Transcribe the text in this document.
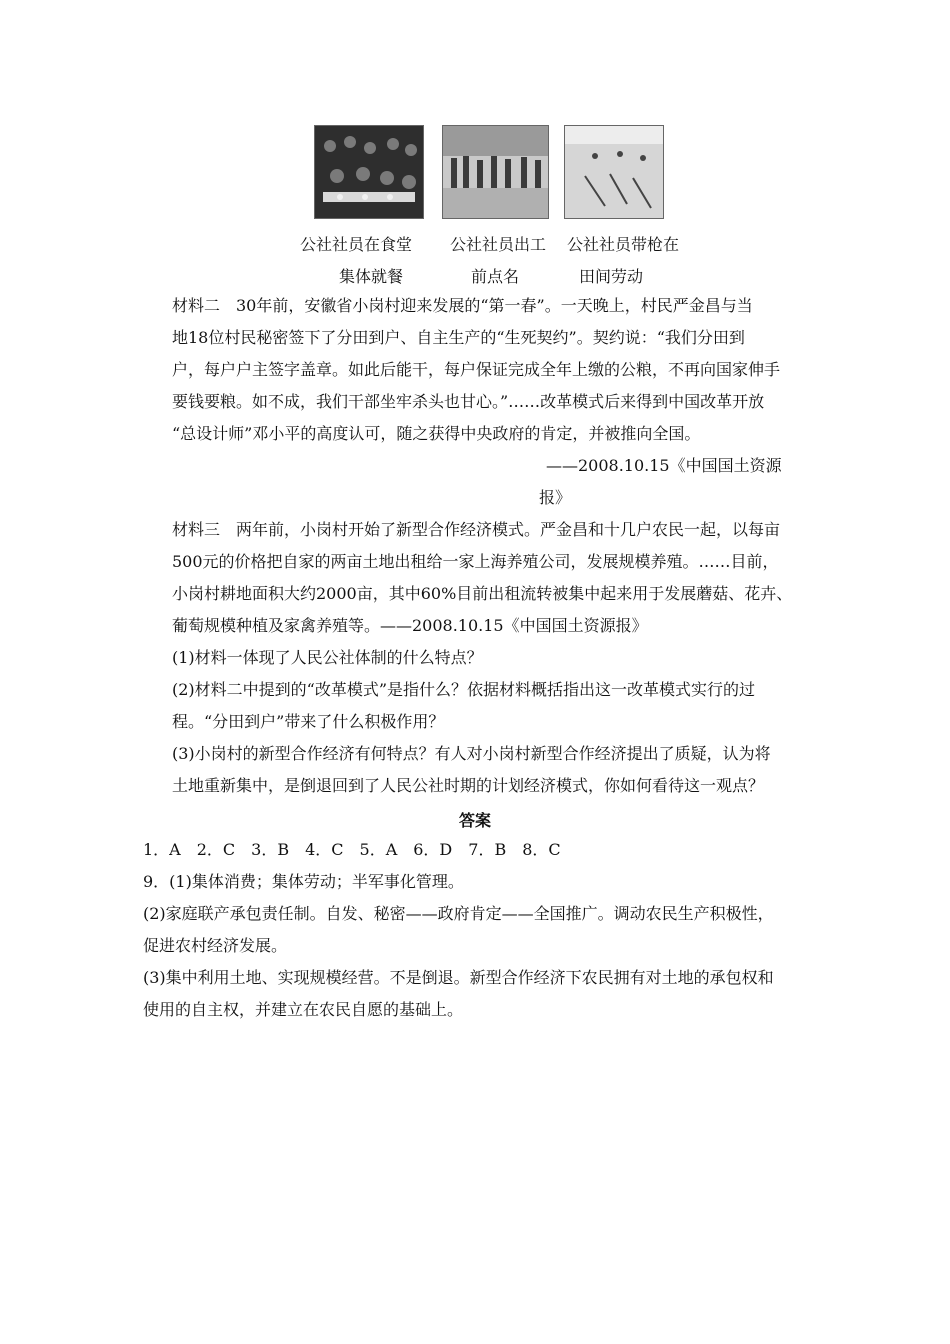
公社社员在食堂
集体就餐
公社社员出工
前点名
公社社员带枪在
田间劳动
材料二　30年前，安徽省小岗村迎来发展的“第一春”。一天晚上，村民严金昌与当
地18位村民秘密签下了分田到户、自主生产的“生死契约”。契约说：“我们分田到
户，每户户主签字盖章。如此后能干，每户保证完成全年上缴的公粮，不再向国家伸手
要钱要粮。如不成，我们干部坐牢杀头也甘心。”……改革模式后来得到中国改革开放
“总设计师”邓小平的高度认可，随之获得中央政府的肯定，并被推向全国。
——2008.10.15《中国国土资源
报》
材料三　两年前，小岗村开始了新型合作经济模式。严金昌和十几户农民一起，以每亩
500元的价格把自家的两亩土地出租给一家上海养殖公司，发展规模养殖。……目前，
小岗村耕地面积大约2000亩，其中60%目前出租流转被集中起来用于发展蘑菇、花卉、
葡萄规模种植及家禽养殖等。——2008.10.15《中国国土资源报》
(1)材料一体现了人民公社体制的什么特点？
(2)材料二中提到的“改革模式”是指什么？依据材料概括指出这一改革模式实行的过
程。“分田到户”带来了什么积极作用？
(3)小岗村的新型合作经济有何特点？有人对小岗村新型合作经济提出了质疑，认为将
土地重新集中，是倒退回到了人民公社时期的计划经济模式，你如何看待这一观点？
答案
1．A　2．C　3．B　4．C　5．A　6．D　7．B　8．C
9．(1)集体消费；集体劳动；半军事化管理。
(2)家庭联产承包责任制。自发、秘密——政府肯定——全国推广。调动农民生产积极性，
促进农村经济发展。
(3)集中利用土地、实现规模经营。不是倒退。新型合作经济下农民拥有对土地的承包权和
使用的自主权，并建立在农民自愿的基础上。
